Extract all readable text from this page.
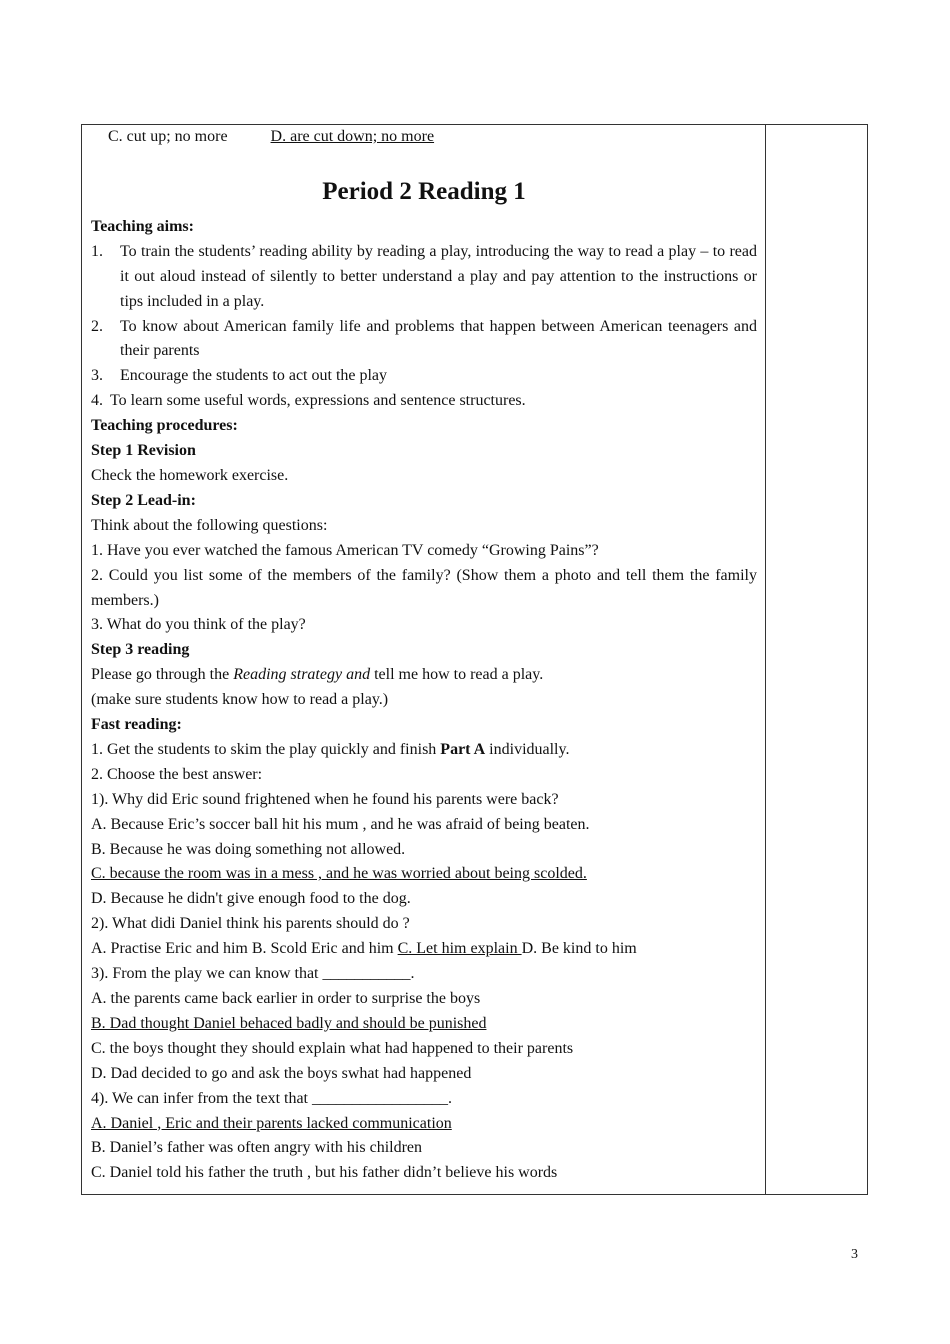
C. cut up; no more	D. are cut down; no more
Period 2 Reading 1
Teaching aims:
1. To train the students’ reading ability by reading a play, introducing the way to read a play – to read it out aloud instead of silently to better understand a play and pay attention to the instructions or tips included in a play.
2. To know about American family life and problems that happen between American teenagers and their parents
3. Encourage the students to act out the play
4. To learn some useful words, expressions and sentence structures.
Teaching procedures:
Step 1 Revision
Check the homework exercise.
Step 2 Lead-in:
Think about the following questions:
1. Have you ever watched the famous American TV comedy “Growing Pains”?
2. Could you list some of the members of the family? (Show them a photo and tell them the family members.)
3. What do you think of the play?
Step 3 reading
Please go through the Reading strategy and tell me how to read a play.
(make sure students know how to read a play.)
Fast reading:
1. Get the students to skim the play quickly and finish Part A individually.
2. Choose the best answer:
1). Why did Eric sound frightened when he found his parents were back?
A. Because Eric’s soccer ball hit his mum , and he was afraid of being beaten.
B. Because he was doing something not allowed.
C. because the room was in a mess , and he was worried about being scolded.
D. Because he didn't give enough food to the dog.
2). What didi Daniel think his parents should do ?
A. Practise Eric and him B. Scold Eric and him C. Let him explain D. Be kind to him
3). From the play we can know that ___________.
A. the parents came back earlier in order to surprise the boys
B. Dad thought Daniel behaced badly and should be punished
C. the boys thought they should explain what had happened to their parents
D. Dad decided to go and ask the boys swhat had happened
4). We can infer from the text that _________________.
A. Daniel , Eric and their parents lacked communication
B. Daniel’s father was often angry with his children
C. Daniel told his father the truth , but his father didn’t believe his words
3
